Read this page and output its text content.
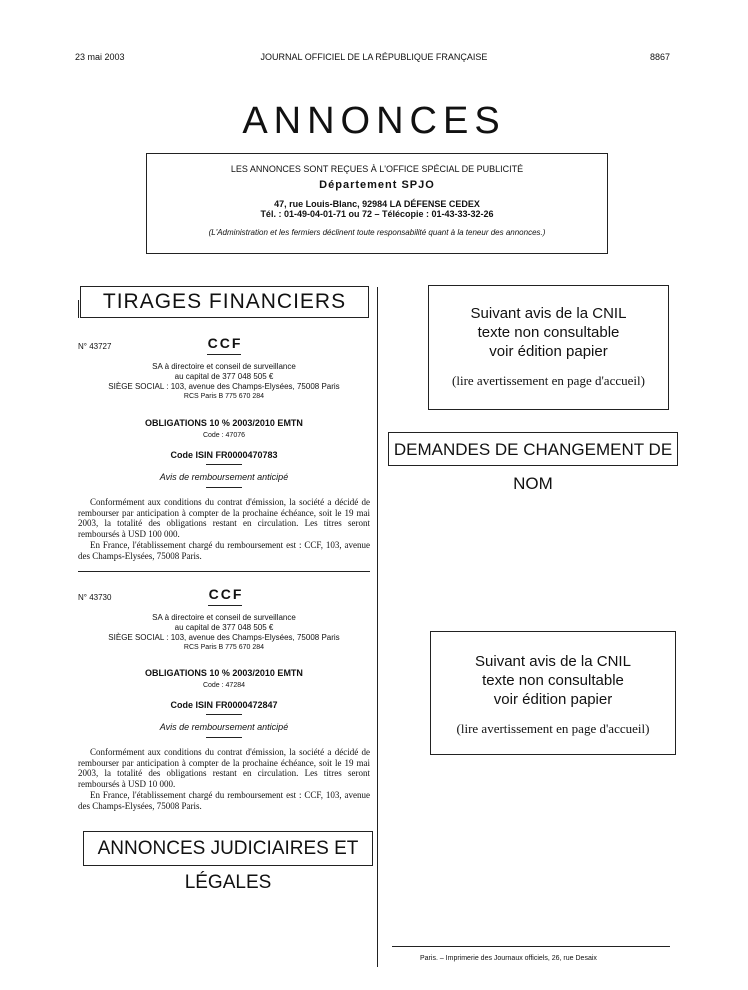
23 mai 2003	JOURNAL OFFICIEL DE LA RÉPUBLIQUE FRANÇAISE	8867
ANNONCES
LES ANNONCES SONT REÇUES À L'OFFICE SPÉCIAL DE PUBLICITÉ
Département SPJO
47, rue Louis-Blanc, 92984 LA DÉFENSE CEDEX
Tél. : 01-49-04-01-71 ou 72 – Télécopie : 01-43-33-32-26
(L'Administration et les fermiers déclinent toute responsabilité quant à la teneur des annonces.)
TIRAGES FINANCIERS
N° 43727	CCF
SA à directoire et conseil de surveillance
au capital de 377 048 505 €
SIÈGE SOCIAL : 103, avenue des Champs-Elysées, 75008 Paris
RCS Paris B 775 670 284
OBLIGATIONS 10 % 2003/2010 EMTN
Code : 47076
Code ISIN FR0000470783
Avis de remboursement anticipé
Conformément aux conditions du contrat d'émission, la société a décidé de rembourser par anticipation à compter de la prochaine échéance, soit le 19 mai 2003, la totalité des obligations restant en circulation. Les titres seront remboursés à USD 100 000.
En France, l'établissement chargé du remboursement est : CCF, 103, avenue des Champs-Elysées, 75008 Paris.
N° 43730	CCF
SA à directoire et conseil de surveillance
au capital de 377 048 505 €
SIÈGE SOCIAL : 103, avenue des Champs-Elysées, 75008 Paris
RCS Paris B 775 670 284
OBLIGATIONS 10 % 2003/2010 EMTN
Code : 47284
Code ISIN FR0000472847
Avis de remboursement anticipé
Conformément aux conditions du contrat d'émission, la société a décidé de rembourser par anticipation à compter de la prochaine échéance, soit le 19 mai 2003, la totalité des obligations restant en circulation. Les titres seront remboursés à USD 10 000.
En France, l'établissement chargé du remboursement est : CCF, 103, avenue des Champs-Elysées, 75008 Paris.
ANNONCES JUDICIAIRES ET LÉGALES
Suivant avis de la CNIL
texte non consultable
voir édition papier
(lire avertissement en page d'accueil)
DEMANDES DE CHANGEMENT DE NOM
Suivant avis de la CNIL
texte non consultable
voir édition papier
(lire avertissement en page d'accueil)
Paris. – Imprimerie des Journaux officiels, 26, rue Desaix
